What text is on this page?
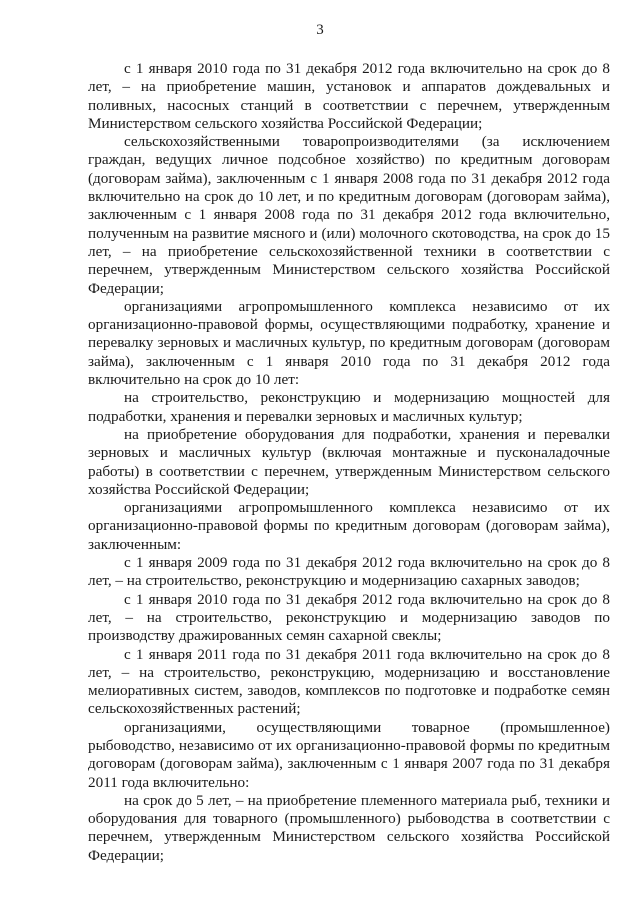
3

с 1 января 2010 года по 31 декабря 2012 года включительно на срок до 8 лет, – на приобретение машин, установок и аппаратов дождевальных и поливных, насосных станций в соответствии с перечнем, утвержденным Министерством сельского хозяйства Российской Федерации;

сельскохозяйственными товаропроизводителями (за исключением граждан, ведущих личное подсобное хозяйство) по кредитным договорам (договорам займа), заключенным с 1 января 2008 года по 31 декабря 2012 года включительно на срок до 10 лет, и по кредитным договорам (договорам займа), заключенным с 1 января 2008 года по 31 декабря 2012 года включительно, полученным на развитие мясного и (или) молочного скотоводства, на срок до 15 лет, – на приобретение сельскохозяйственной техники в соответствии с перечнем, утвержденным Министерством сельского хозяйства Российской Федерации;

организациями агропромышленного комплекса независимо от их организационно-правовой формы, осуществляющими подработку, хранение и перевалку зерновых и масличных культур, по кредитным договорам (договорам займа), заключенным с 1 января 2010 года по 31 декабря 2012 года включительно на срок до 10 лет:

на строительство, реконструкцию и модернизацию мощностей для подработки, хранения и перевалки зерновых и масличных культур;

на приобретение оборудования для подработки, хранения и перевалки зерновых и масличных культур (включая монтажные и пусконаладочные работы) в соответствии с перечнем, утвержденным Министерством сельского хозяйства Российской Федерации;

организациями агропромышленного комплекса независимо от их организационно-правовой формы по кредитным договорам (договорам займа), заключенным:

с 1 января 2009 года по 31 декабря 2012 года включительно на срок до 8 лет, – на строительство, реконструкцию и модернизацию сахарных заводов;

с 1 января 2010 года по 31 декабря 2012 года включительно на срок до 8 лет, – на строительство, реконструкцию и модернизацию заводов по производству дражированных семян сахарной свеклы;

с 1 января 2011 года по 31 декабря 2011 года включительно на срок до 8 лет, – на строительство, реконструкцию, модернизацию и восстановление мелиоративных систем, заводов, комплексов по подготовке и подработке семян сельскохозяйственных растений;

организациями, осуществляющими товарное (промышленное) рыбоводство, независимо от их организационно-правовой формы по кредитным договорам (договорам займа), заключенным с 1 января 2007 года по 31 декабря 2011 года включительно:

на срок до 5 лет, – на приобретение племенного материала рыб, техники и оборудования для товарного (промышленного) рыбоводства в соответствии с перечнем, утвержденным Министерством сельского хозяйства Российской Федерации;
